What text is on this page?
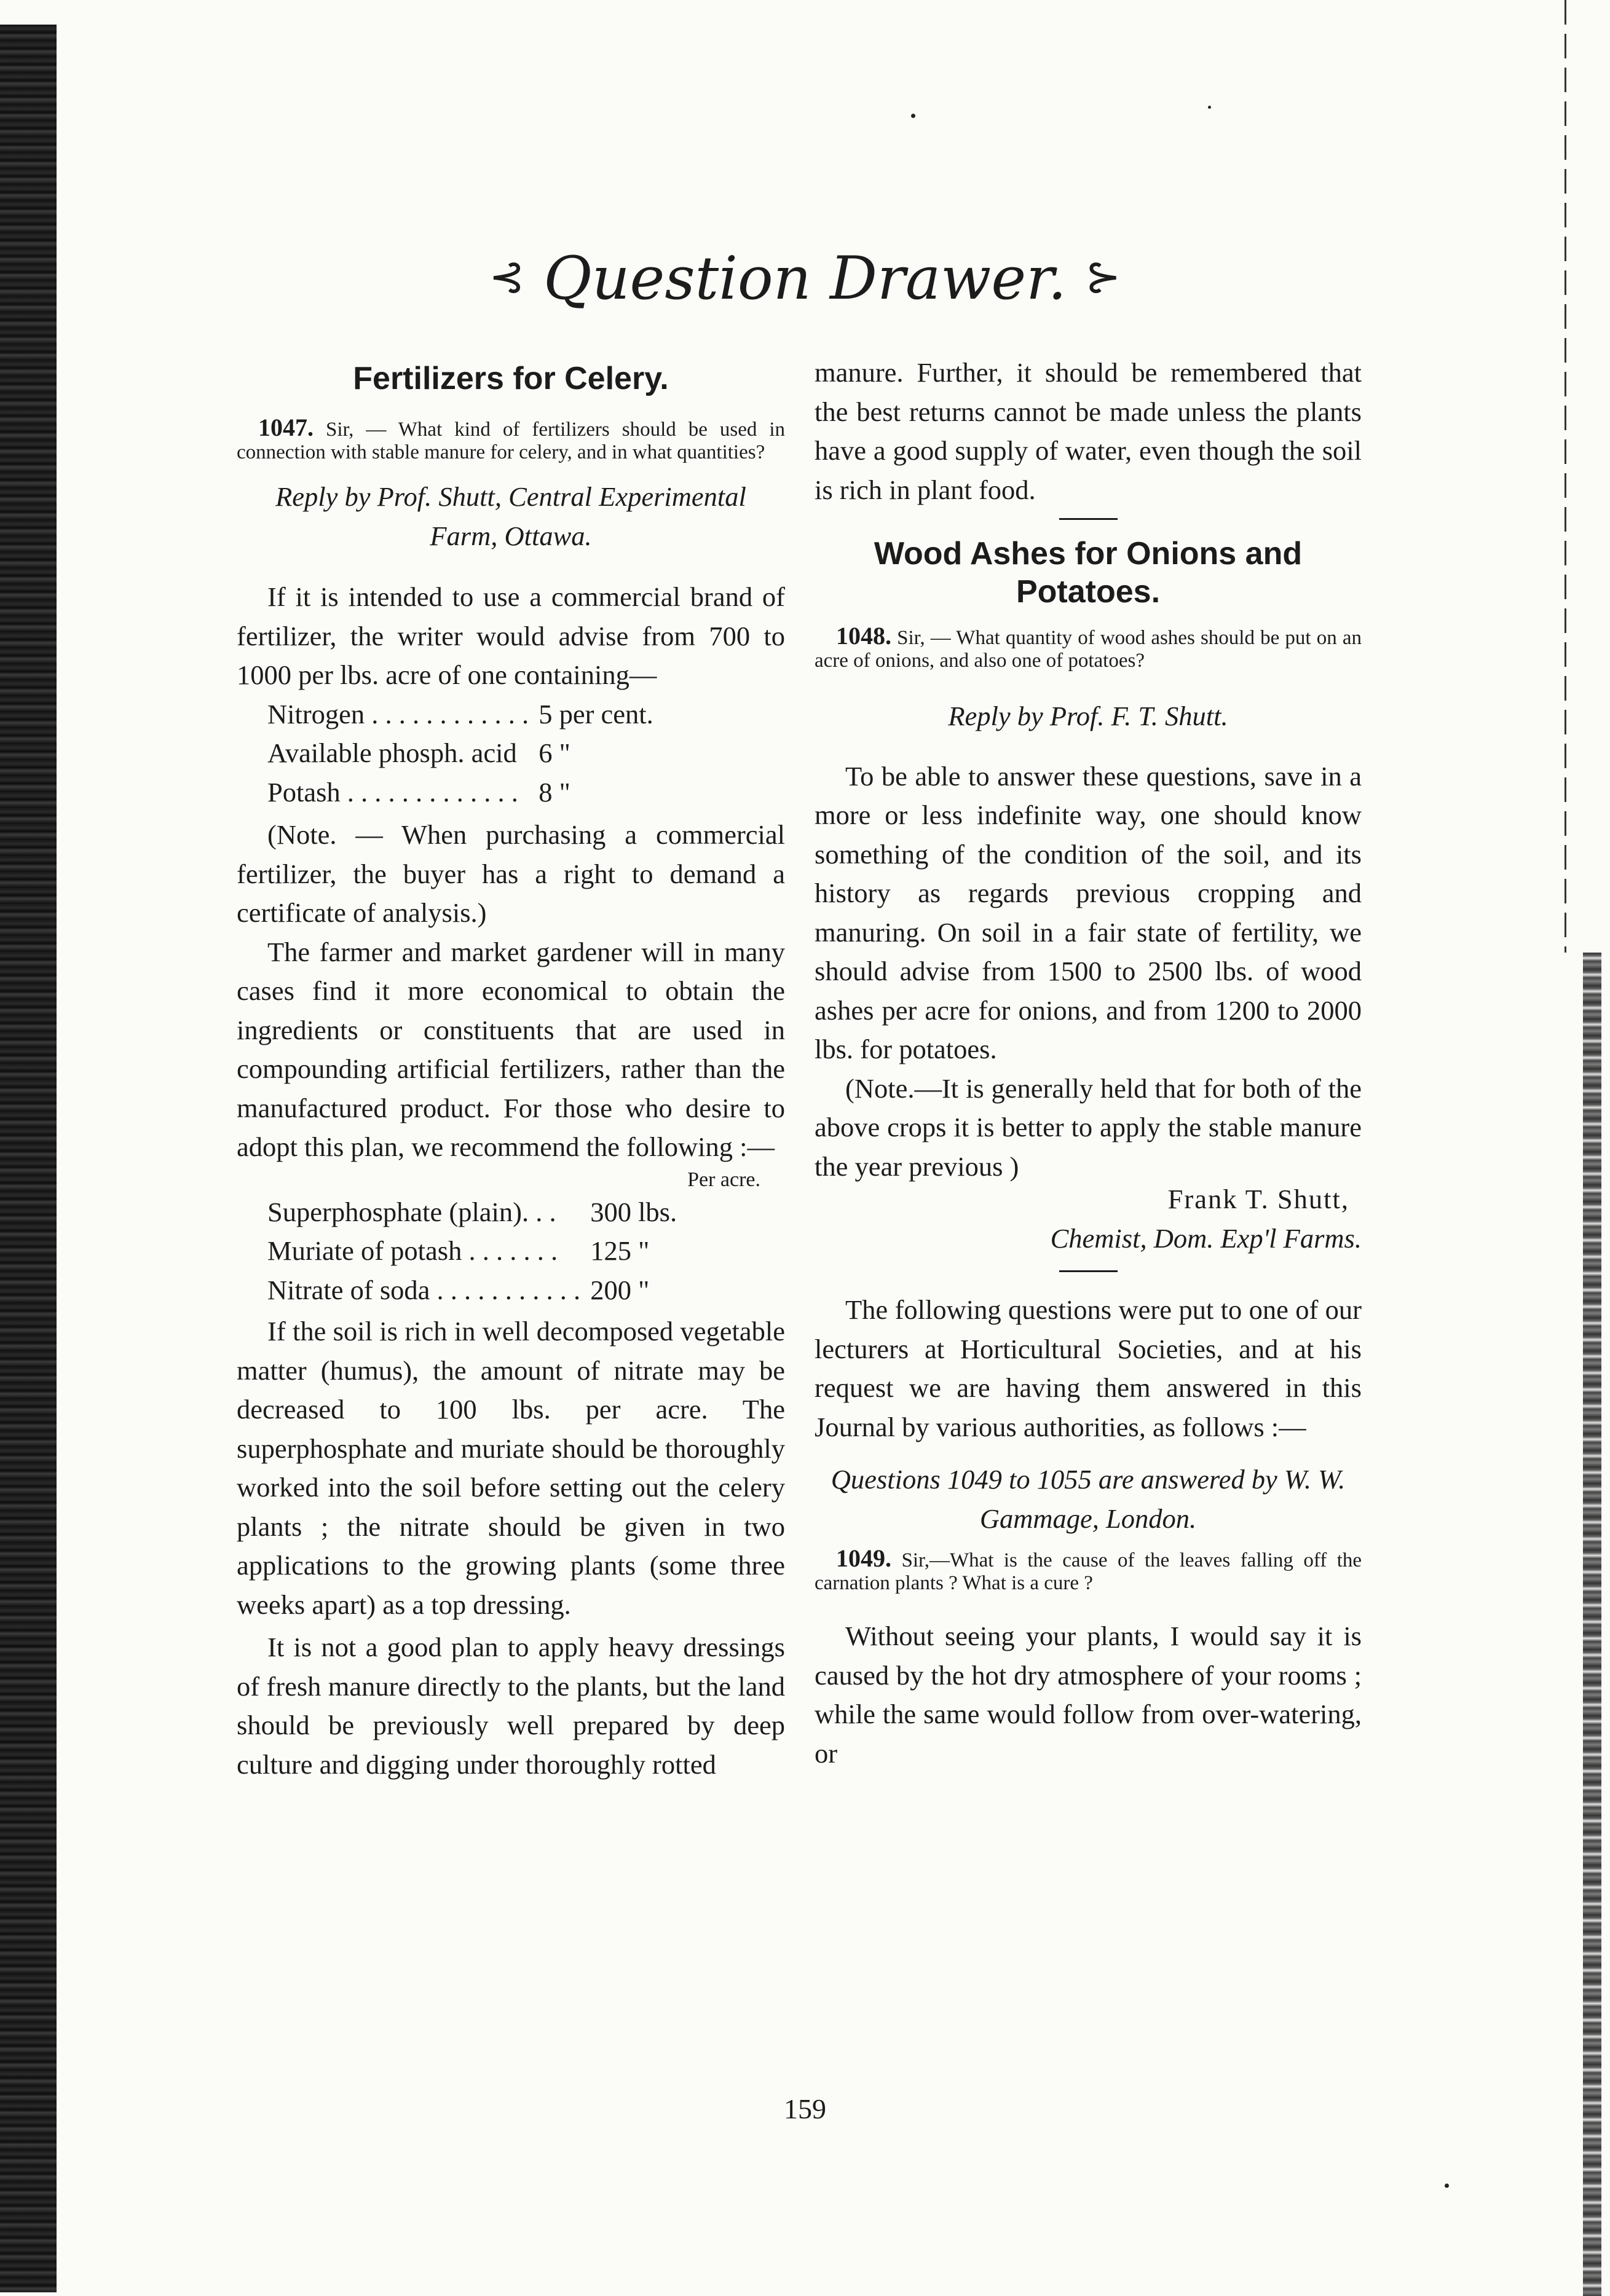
⊰ Question Drawer. ⊱
Fertilizers for Celery.

1047. Sir, — What kind of fertilizers should be used in connection with stable manure for celery, and in what quantities?

Reply by Prof. Shutt, Central Experimental Farm, Ottawa.

If it is intended to use a commercial brand of fertilizer, the writer would advise from 700 to 1000 per lbs. acre of one containing—

Nitrogen . . . . . . . . . . . .	5 per cent.
Available phosph. acid	6 "
Potash . . . . . . . . . . . . .	8 "

(Note. — When purchasing a commercial fertilizer, the buyer has a right to demand a certificate of analysis.)

The farmer and market gardener will in many cases find it more economical to obtain the ingredients or constituents that are used in compounding artificial fertilizers, rather than the manufactured product. For those who desire to adopt this plan, we recommend the following :—

Per acre.
Superphosphate (plain). . .	300 lbs.
Muriate of potash . . . . . . .	125 "
Nitrate of soda . . . . . . . . . . .	200 "

If the soil is rich in well decomposed vegetable matter (humus), the amount of nitrate may be decreased to 100 lbs. per acre. The superphosphate and muriate should be thoroughly worked into the soil before setting out the celery plants ; the nitrate should be given in two applications to the growing plants (some three weeks apart) as a top dressing.

It is not a good plan to apply heavy dressings of fresh manure directly to the plants, but the land should be previously well prepared by deep culture and digging under thoroughly rotted

manure. Further, it should be remembered that the best returns cannot be made unless the plants have a good supply of water, even though the soil is rich in plant food.

Wood Ashes for Onions and Potatoes.

1048. Sir, — What quantity of wood ashes should be put on an acre of onions, and also one of potatoes?

Reply by Prof. F. T. Shutt.

To be able to answer these questions, save in a more or less indefinite way, one should know something of the condition of the soil, and its history as regards previous cropping and manuring. On soil in a fair state of fertility, we should advise from 1500 to 2500 lbs. of wood ashes per acre for onions, and from 1200 to 2000 lbs. for potatoes.

(Note.—It is generally held that for both of the above crops it is better to apply the stable manure the year previous )

Frank T. Shutt,

Chemist, Dom. Exp'l Farms.

The following questions were put to one of our lecturers at Horticultural Societies, and at his request we are having them answered in this Journal by various authorities, as follows :—

Questions 1049 to 1055 are answered by W. W. Gammage, London.

1049. Sir,—What is the cause of the leaves falling off the carnation plants ? What is a cure ?

Without seeing your plants, I would say it is caused by the hot dry atmosphere of your rooms ; while the same would follow from over-watering, or

159
